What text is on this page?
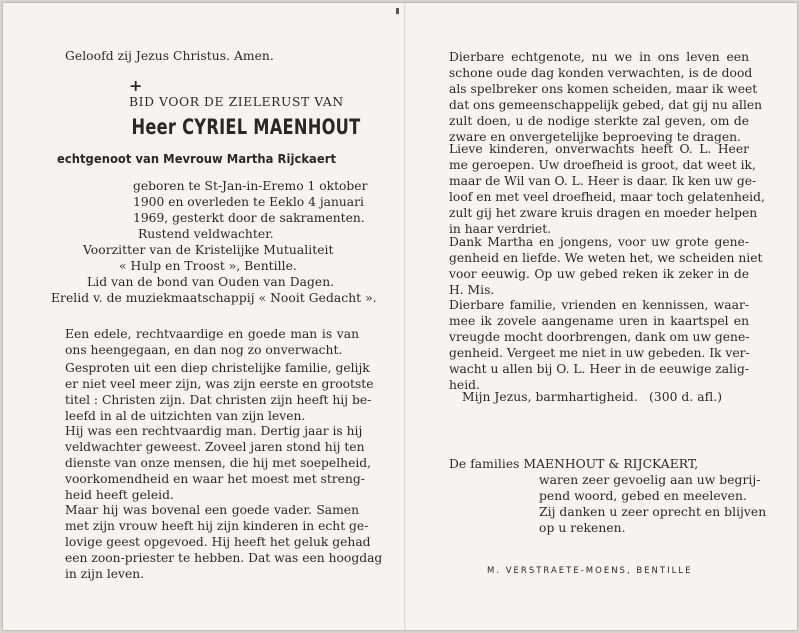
Geloofd zij Jezus Christus. Amen.

+

BID VOOR DE ZIELERUST VAN

Heer CYRIEL MAENHOUT

echtgenoot van Mevrouw Martha Rijckaert

geboren te St-Jan-in-Eremo 1 oktober
1900 en overleden te Eeklo 4 januari
1969, gesterkt door de sakramenten.

Rustend veldwachter.

Voorzitter van de Kristelijke Mutualiteit

« Hulp en Troost », Bentille.

Lid van de bond van Ouden van Dagen.

Erelid v. de muziekmaatschappij « Nooit Gedacht ».

Een edele, rechtvaardige en goede man is van
ons heengegaan, en dan nog zo onverwacht.
Gesproten uit een diep christelijke familie, gelijk
er niet veel meer zijn, was zijn eerste en grootste
titel : Christen zijn. Dat christen zijn heeft hij be-
leefd in al de uitzichten van zijn leven.
Hij was een rechtvaardig man. Dertig jaar is hij
veldwachter geweest. Zoveel jaren stond hij ten
dienste van onze mensen, die hij met soepelheid,
voorkomendheid en waar het moest met streng-
heid heeft geleid.
Maar hij was bovenal een goede vader. Samen
met zijn vrouw heeft hij zijn kinderen in echt ge-
lovige geest opgevoed. Hij heeft het geluk gehad
een zoon-priester te hebben. Dat was een hoogdag
in zijn leven.
Dierbare echtgenote, nu we in ons leven een
schone oude dag konden verwachten, is de dood
als spelbreker ons komen scheiden, maar ik weet
dat ons gemeenschappelijk gebed, dat gij nu allen
zult doen, u de nodige sterkte zal geven, om de
zware en onvergetelijke beproeving te dragen.
Lieve kinderen, onverwachts heeft O. L. Heer
me geroepen. Uw droefheid is groot, dat weet ik,
maar de Wil van O. L. Heer is daar. Ik ken uw ge-
loof en met veel droefheid, maar toch gelatenheid,
zult gij het zware kruis dragen en moeder helpen
in haar verdriet.
Dank Martha en jongens, voor uw grote gene-
genheid en liefde. We weten het, we scheiden niet
voor eeuwig. Op uw gebed reken ik zeker in de
H. Mis.
Dierbare familie, vrienden en kennissen, waar-
mee ik zovele aangename uren in kaartspel en
vreugde mocht doorbrengen, dank om uw gene-
genheid. Vergeet me niet in uw gebeden. Ik ver-
wacht u allen bij O. L. Heer in de eeuwige zalig-
heid.

Mijn Jezus, barmhartigheid. (300 d. afl.)

De families MAENHOUT & RIJCKAERT,

waren zeer gevoelig aan uw begrij-

pend woord, gebed en meeleven.

Zij danken u zeer oprecht en blijven

op u rekenen.

M. VERSTRAETE-MOENS, BENTILLE
